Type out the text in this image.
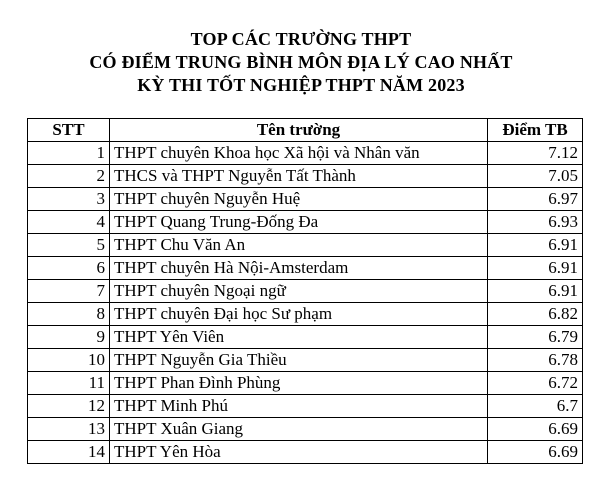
TOP CÁC TRƯỜNG THPT
CÓ ĐIỂM TRUNG BÌNH MÔN ĐỊA LÝ CAO NHẤT
KỲ THI TỐT NGHIỆP THPT NĂM 2023
STT	Tên trường	Điểm TB
1	THPT chuyên Khoa học Xã hội và Nhân văn	7.12
2	THCS và THPT Nguyễn Tất Thành	7.05
3	THPT chuyên Nguyễn Huệ	6.97
4	THPT Quang Trung-Đống Đa	6.93
5	THPT Chu Văn An	6.91
6	THPT chuyên Hà Nội-Amsterdam	6.91
7	THPT chuyên Ngoại ngữ	6.91
8	THPT chuyên Đại học Sư phạm	6.82
9	THPT Yên Viên	6.79
10	THPT Nguyễn Gia Thiều	6.78
11	THPT Phan Đình Phùng	6.72
12	THPT Minh Phú	6.7
13	THPT Xuân Giang	6.69
14	THPT Yên Hòa	6.69
